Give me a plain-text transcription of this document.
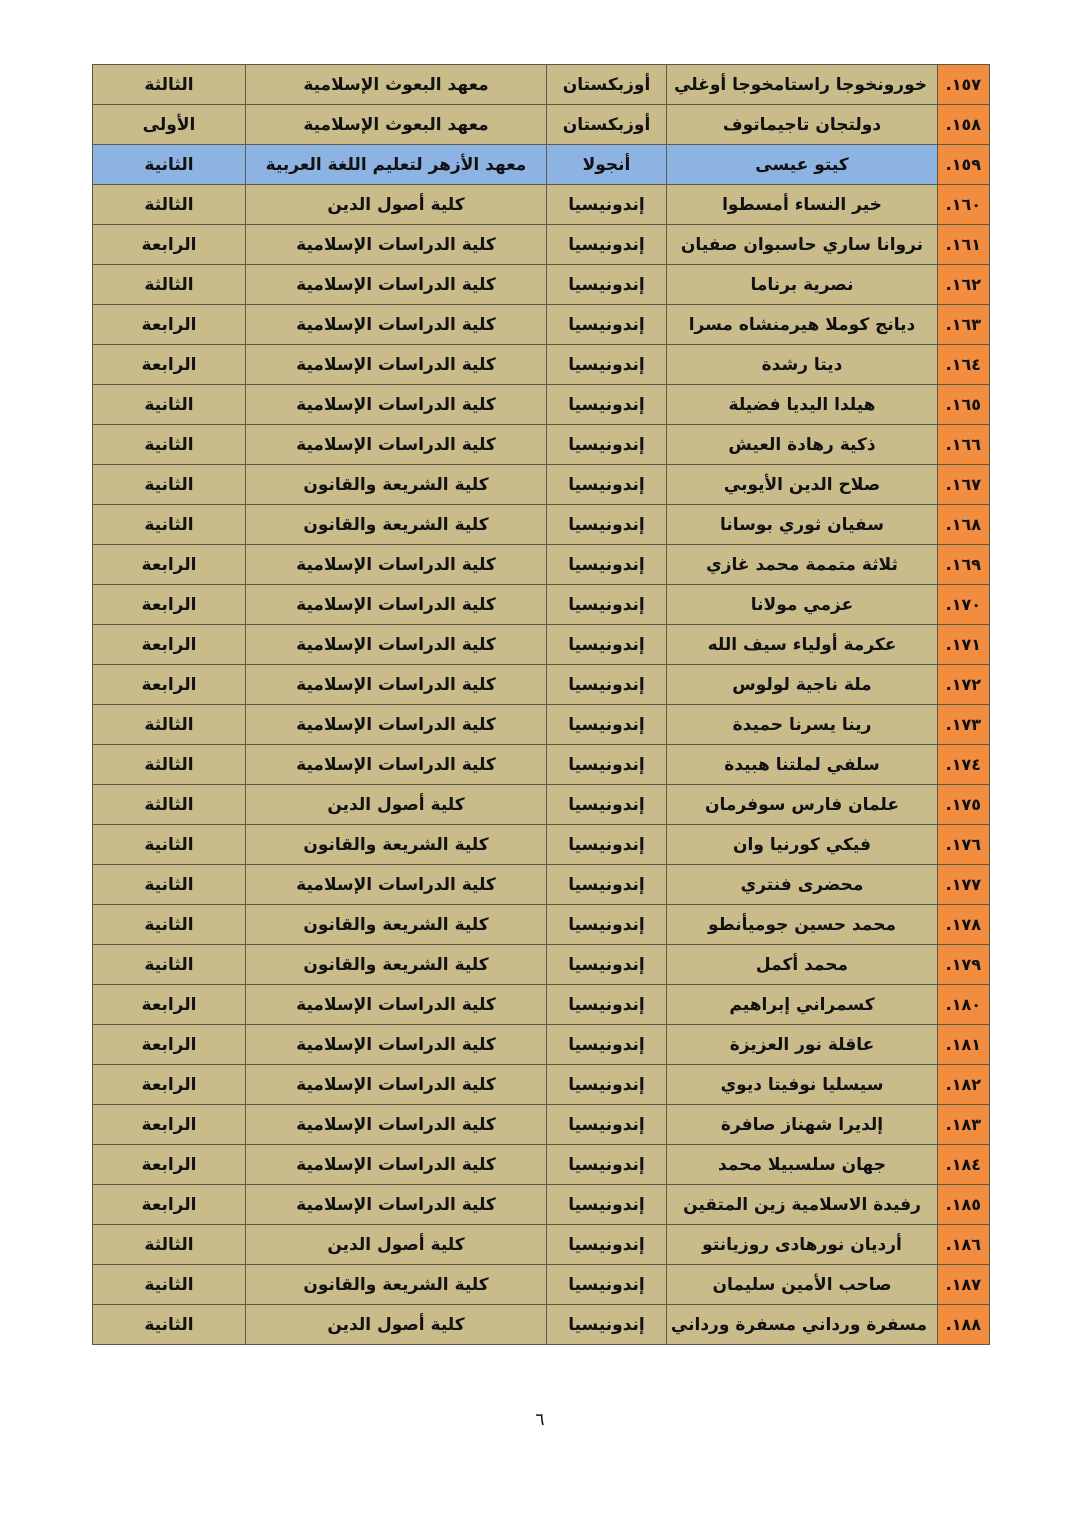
١٥٧.	خورونخوجا راستامخوجا أوغلي	أوزبكستان	معهد البعوث الإسلامية	الثالثة
١٥٨.	دولتجان تاجيماتوف	أوزبكستان	معهد البعوث الإسلامية	الأولى
١٥٩.	كيتو عيسى	أنجولا	معهد الأزهر لتعليم اللغة العربية	الثانية
١٦٠.	خير النساء أمسطوا	إندونيسيا	كلية أصول الدين	الثالثة
١٦١.	نروانا ساري حاسبوان صفيان	إندونيسيا	كلية الدراسات الإسلامية	الرابعة
١٦٢.	نصرية برناما	إندونيسيا	كلية الدراسات الإسلامية	الثالثة
١٦٣.	ديانج كوملا هيرمنشاه مسرا	إندونيسيا	كلية الدراسات الإسلامية	الرابعة
١٦٤.	ديتا رشدة	إندونيسيا	كلية الدراسات الإسلامية	الرابعة
١٦٥.	هيلدا اليديا فضيلة	إندونيسيا	كلية الدراسات الإسلامية	الثانية
١٦٦.	ذكية رهادة العيش	إندونيسيا	كلية الدراسات الإسلامية	الثانية
١٦٧.	صلاح الدين الأيوبي	إندونيسيا	كلية الشريعة والقانون	الثانية
١٦٨.	سفيان ثوري بوسانا	إندونيسيا	كلية الشريعة والقانون	الثانية
١٦٩.	ثلاثة متممة محمد غازي	إندونيسيا	كلية الدراسات الإسلامية	الرابعة
١٧٠.	عزمي مولانا	إندونيسيا	كلية الدراسات الإسلامية	الرابعة
١٧١.	عكرمة أولياء سيف الله	إندونيسيا	كلية الدراسات الإسلامية	الرابعة
١٧٢.	ملة ناجية لولوس	إندونيسيا	كلية الدراسات الإسلامية	الرابعة
١٧٣.	رينا يسرنا حميدة	إندونيسيا	كلية الدراسات الإسلامية	الثالثة
١٧٤.	سلفي لملتنا هبيدة	إندونيسيا	كلية الدراسات الإسلامية	الثالثة
١٧٥.	علمان فارس سوفرمان	إندونيسيا	كلية أصول الدين	الثالثة
١٧٦.	فيكي كورنيا وان	إندونيسيا	كلية الشريعة والقانون	الثانية
١٧٧.	محضرى فنتري	إندونيسيا	كلية الدراسات الإسلامية	الثانية
١٧٨.	محمد حسين جوميأنطو	إندونيسيا	كلية الشريعة والقانون	الثانية
١٧٩.	محمد أكمل	إندونيسيا	كلية الشريعة والقانون	الثانية
١٨٠.	كسمراني إبراهيم	إندونيسيا	كلية الدراسات الإسلامية	الرابعة
١٨١.	عاقلة نور العزيزة	إندونيسيا	كلية الدراسات الإسلامية	الرابعة
١٨٢.	سيسليا نوفيتا ديوي	إندونيسيا	كلية الدراسات الإسلامية	الرابعة
١٨٣.	إلديرا شهناز صافرة	إندونيسيا	كلية الدراسات الإسلامية	الرابعة
١٨٤.	جهان سلسبيلا محمد	إندونيسيا	كلية الدراسات الإسلامية	الرابعة
١٨٥.	رفيدة الاسلامية زين المتقين	إندونيسيا	كلية الدراسات الإسلامية	الرابعة
١٨٦.	أرديان نورهادى روزيانتو	إندونيسيا	كلية أصول الدين	الثالثة
١٨٧.	صاحب الأمين سليمان	إندونيسيا	كلية الشريعة والقانون	الثانية
١٨٨.	مسفرة ورداني مسفرة ورداني	إندونيسيا	كلية أصول الدين	الثانية
٦
